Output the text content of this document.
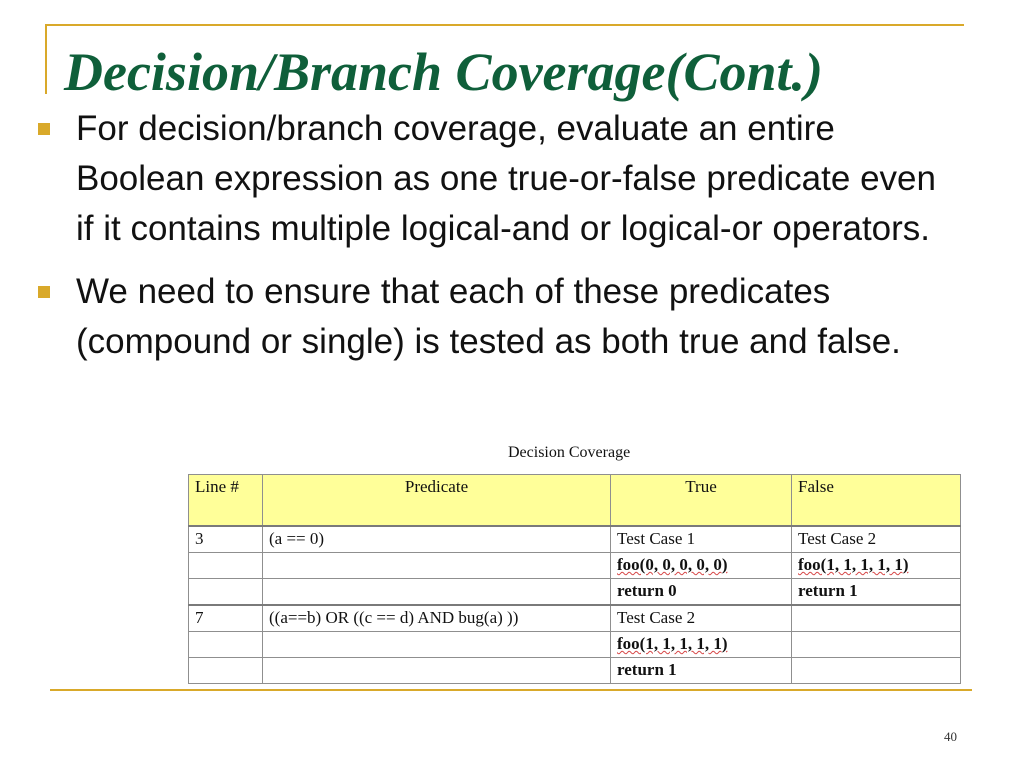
Decision/Branch Coverage(Cont.)
For decision/branch coverage, evaluate an entire Boolean expression as one true-or-false predicate even if it contains multiple logical-and or logical-or operators.
We need to ensure that each of these predicates (compound or single) is tested as both true and false.
Decision Coverage
Line #	Predicate	True	False
3	(a == 0)	Test Case 1	Test Case 2
		foo(0, 0, 0, 0, 0)	foo(1, 1, 1, 1, 1)
		return 0	return 1
7	((a==b) OR ((c == d) AND bug(a) ))	Test Case 2	
		foo(1, 1, 1, 1, 1)	
		return 1	
40
